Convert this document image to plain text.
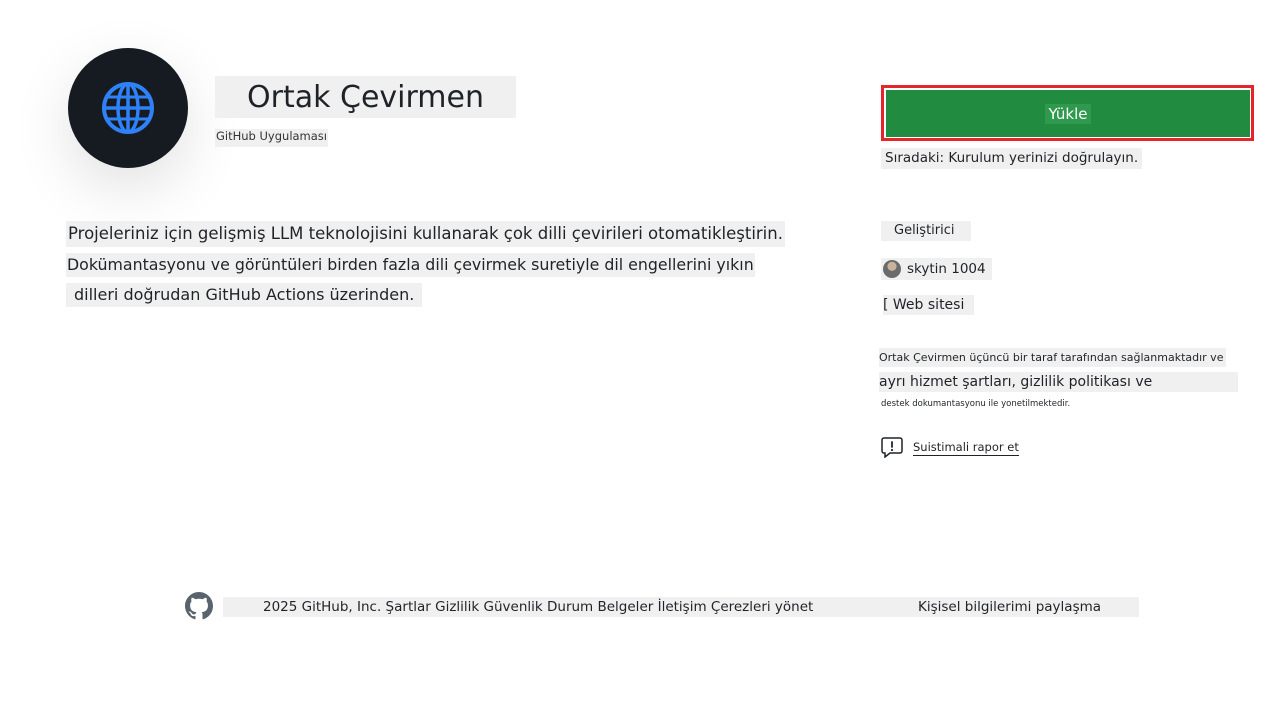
Ortak Çevirmen
GitHub Uygulaması
Projeleriniz için gelişmiş LLM teknolojisini kullanarak çok dilli çevirileri otomatikleştirin.
Dokümantasyonu ve görüntüleri birden fazla dili çevirmek suretiyle dil engellerini yıkın
dilleri doğrudan GitHub Actions üzerinden.
Yükle
Sıradaki: Kurulum yerinizi doğrulayın.
Geliştirici
skytin 1004
[ Web sitesi
Ortak Çevirmen üçüncü bir taraf tarafından sağlanmaktadır ve
ayrı hizmet şartları, gizlilik politikası ve
destek dokumantasyonu ile yonetilmektedir.
Suistimali rapor et
2025 GitHub, Inc. Şartlar Gizlilik Güvenlik Durum Belgeler İletişim Çerezleri yönet	Kişisel bilgilerimi paylaşma
